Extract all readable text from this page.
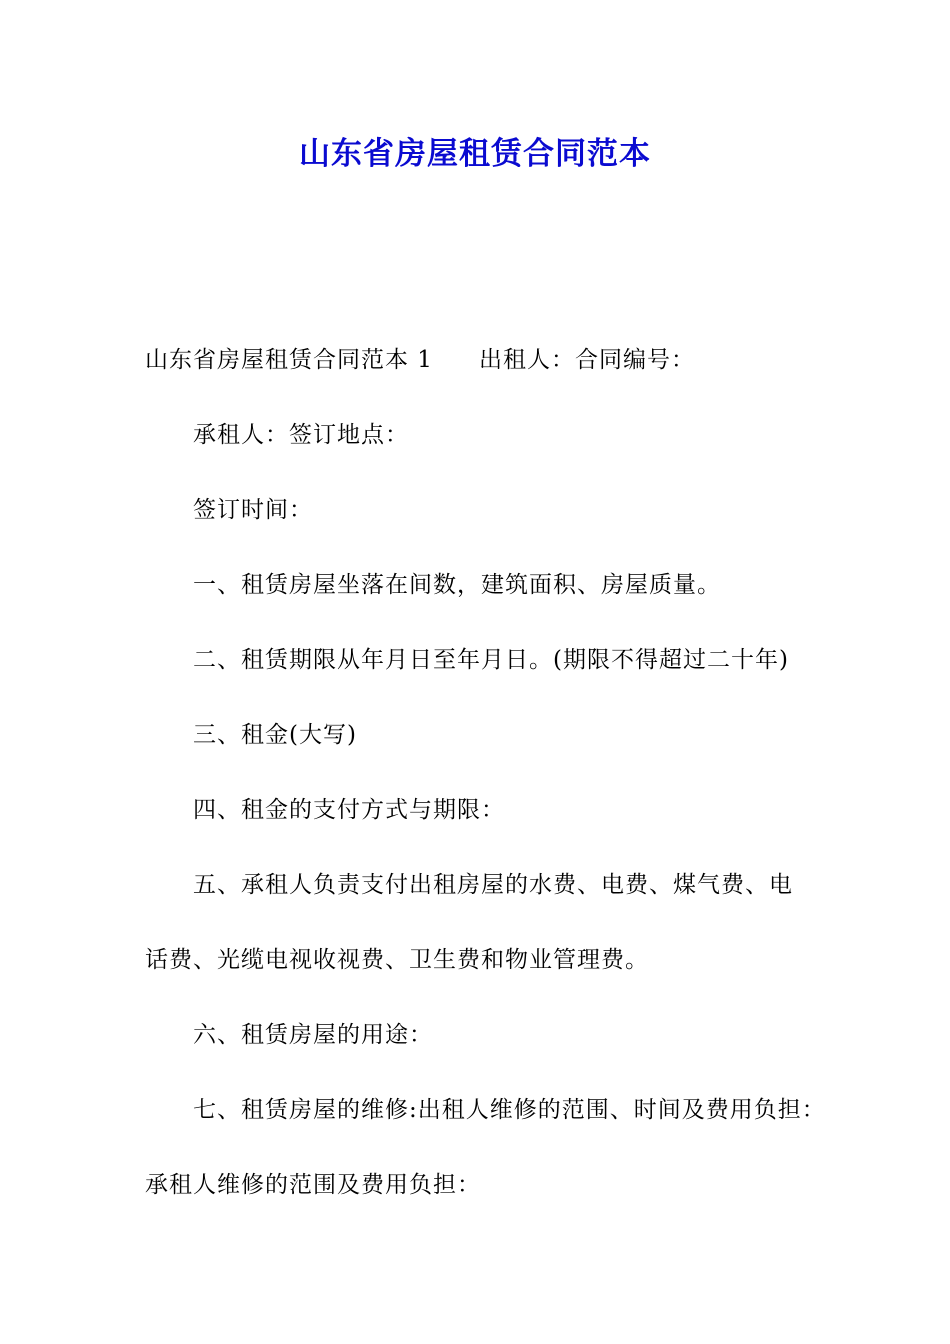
山东省房屋租赁合同范本

山东省房屋租赁合同范本 1 出租人：合同编号：

承租人：签订地点：

签订时间：

一、租赁房屋坐落在间数，建筑面积、房屋质量。

二、租赁期限从年月日至年月日。(期限不得超过二十年)

三、租金(大写)

四、租金的支付方式与期限：

五、承租人负责支付出租房屋的水费、电费、煤气费、电

话费、光缆电视收视费、卫生费和物业管理费。

六、租赁房屋的用途：

七、租赁房屋的维修:出租人维修的范围、时间及费用负担：

承租人维修的范围及费用负担：
